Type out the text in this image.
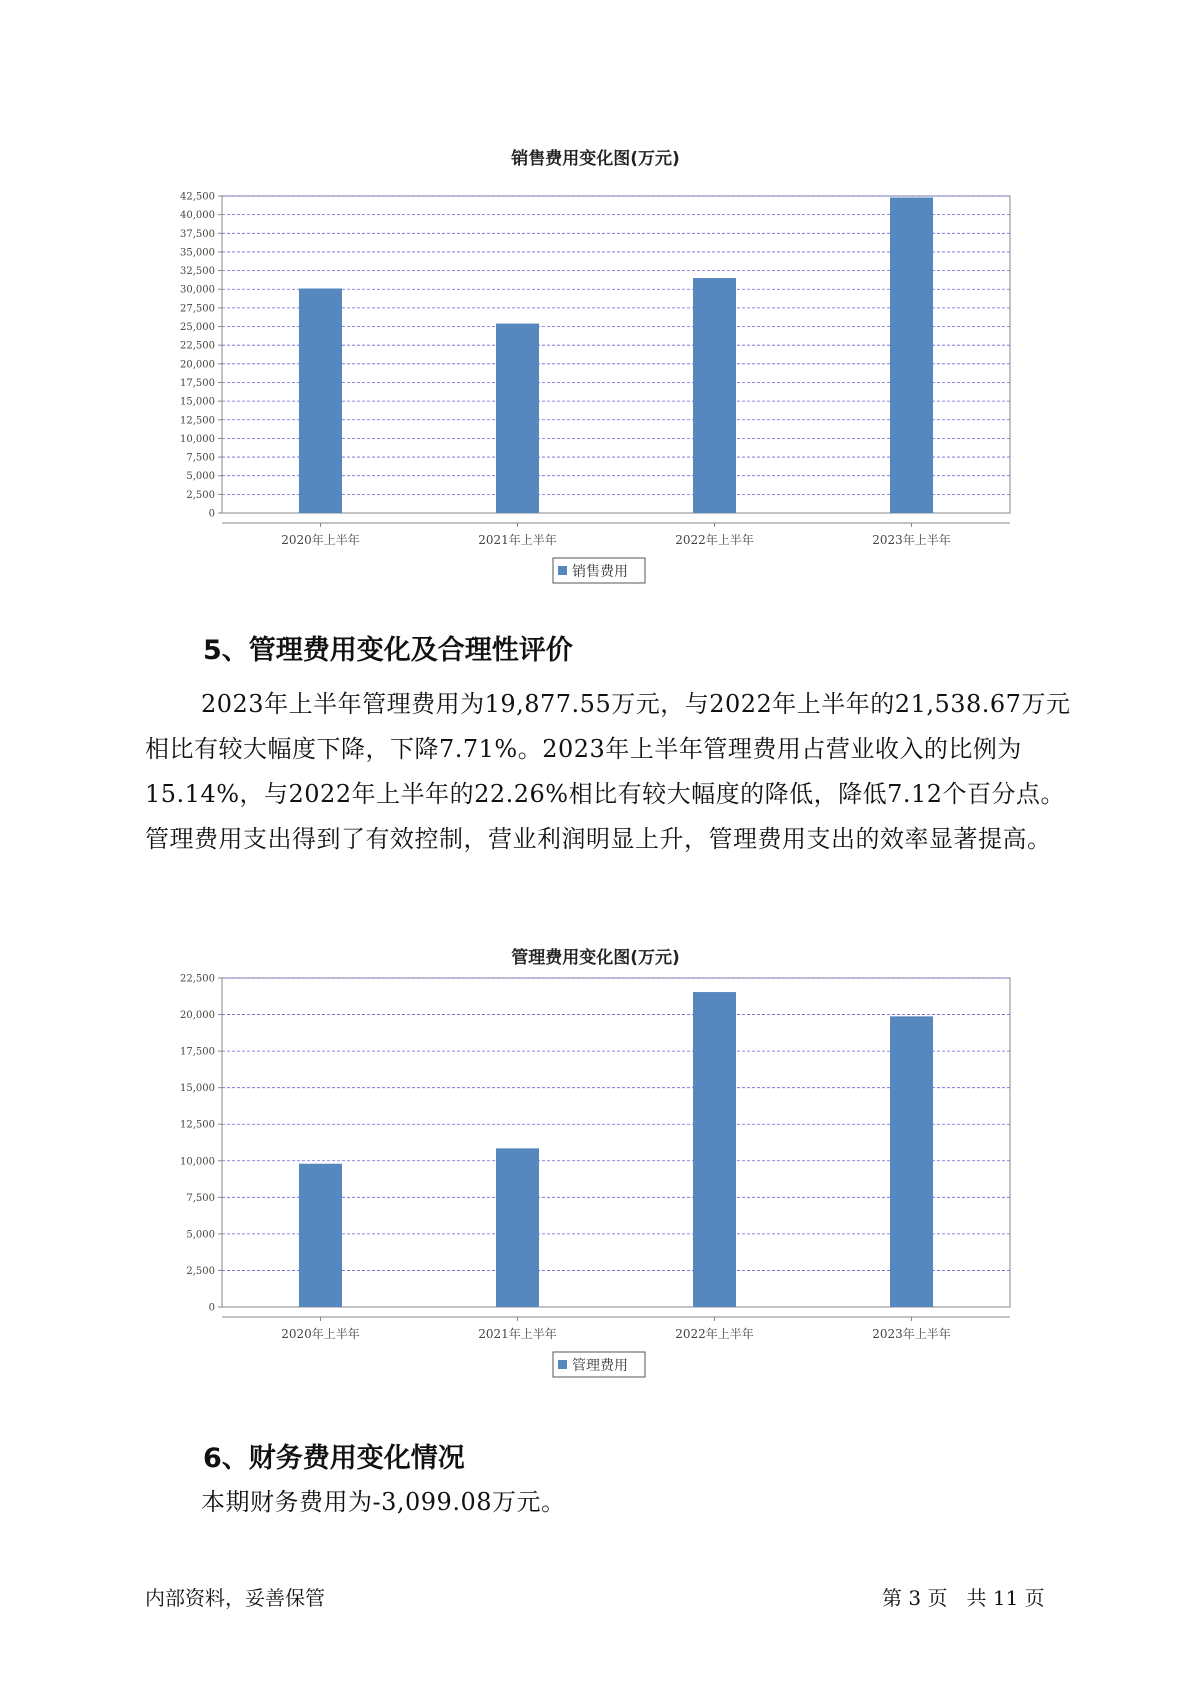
销售费用变化图(万元)
0
2,500
5,000
7,500
10,000
12,500
15,000
17,500
20,000
22,500
25,000
27,500
30,000
32,500
35,000
37,500
40,000
42,500
2020年上半年	2021年上半年	2022年上半年	2023年上半年
销售费用
5、管理费用变化及合理性评价

2023年上半年管理费用为19,877.55万元，与2022年上半年的21,538.67万元相比有较大幅度下降，下降7.71%。2023年上半年管理费用占营业收入的比例为15.14%，与2022年上半年的22.26%相比有较大幅度的降低，降低7.12个百分点。管理费用支出得到了有效控制，营业利润明显上升，管理费用支出的效率显著提高。

管理费用变化图(万元)
0
2,500
5,000
7,500
10,000
12,500
15,000
17,500
20,000
22,500
2020年上半年	2021年上半年	2022年上半年	2023年上半年
管理费用
6、财务费用变化情况

本期财务费用为-3,099.08万元。

内部资料，妥善保管	第 3 页   共 11 页
